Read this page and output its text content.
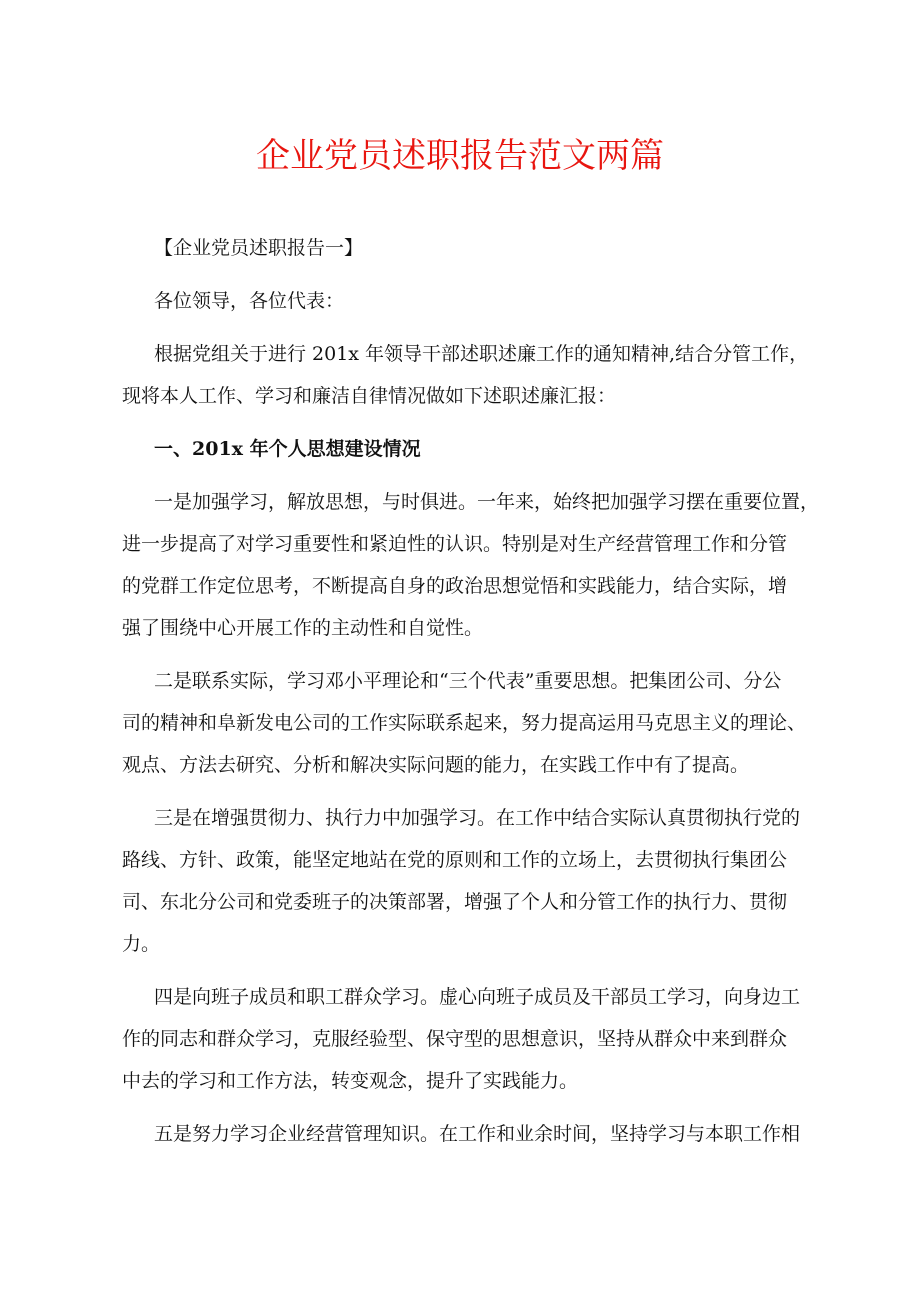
企业党员述职报告范文两篇
【企业党员述职报告一】
各位领导，各位代表：
根据党组关于进行 201x 年领导干部述职述廉工作的通知精神,结合分管工作，
现将本人工作、学习和廉洁自律情况做如下述职述廉汇报：
一、201x 年个人思想建设情况
一是加强学习，解放思想，与时俱进。一年来，始终把加强学习摆在重要位置，
进一步提高了对学习重要性和紧迫性的认识。特别是对生产经营管理工作和分管
的党群工作定位思考，不断提高自身的政治思想觉悟和实践能力，结合实际，增
强了围绕中心开展工作的主动性和自觉性。
二是联系实际，学习邓小平理论和“三个代表”重要思想。把集团公司、分公
司的精神和阜新发电公司的工作实际联系起来，努力提高运用马克思主义的理论、
观点、方法去研究、分析和解决实际问题的能力，在实践工作中有了提高。
三是在增强贯彻力、执行力中加强学习。在工作中结合实际认真贯彻执行党的
路线、方针、政策，能坚定地站在党的原则和工作的立场上，去贯彻执行集团公
司、东北分公司和党委班子的决策部署，增强了个人和分管工作的执行力、贯彻
力。
四是向班子成员和职工群众学习。虚心向班子成员及干部员工学习，向身边工
作的同志和群众学习，克服经验型、保守型的思想意识，坚持从群众中来到群众
中去的学习和工作方法，转变观念，提升了实践能力。
五是努力学习企业经营管理知识。在工作和业余时间，坚持学习与本职工作相
